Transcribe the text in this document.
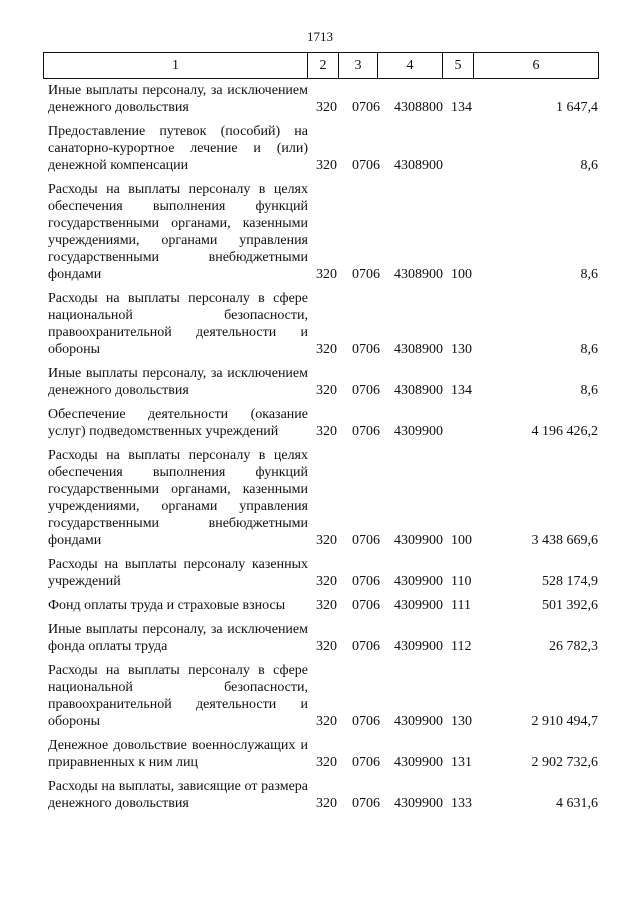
1713
1	2	3	4	5	6
Иные выплаты персоналу, за исключением денежного довольствия	320 0706 4308800 134	1 647,4
Предоставление путевок (пособий) на санаторно-курортное лечение и (или) денежной компенсации	320 0706 4308900	8,6
Расходы на выплаты персоналу в целях обеспечения выполнения функций государственными органами, казенными учреждениями, органами управления государственными внебюджетными фондами	320 0706 4308900 100	8,6
Расходы на выплаты персоналу в сфере национальной безопасности, правоохранительной деятельности и обороны	320 0706 4308900 130	8,6
Иные выплаты персоналу, за исключением денежного довольствия	320 0706 4308900 134	8,6
Обеспечение деятельности (оказание услуг) подведомственных учреждений	320 0706 4309900	4 196 426,2
Расходы на выплаты персоналу в целях обеспечения выполнения функций государственными органами, казенными учреждениями, органами управления государственными внебюджетными фондами	320 0706 4309900 100	3 438 669,6
Расходы на выплаты персоналу казенных учреждений	320 0706 4309900 110	528 174,9
Фонд оплаты труда и страховые взносы	320 0706 4309900 111	501 392,6
Иные выплаты персоналу, за исключением фонда оплаты труда	320 0706 4309900 112	26 782,3
Расходы на выплаты персоналу в сфере национальной безопасности, правоохранительной деятельности и обороны	320 0706 4309900 130	2 910 494,7
Денежное довольствие военнослужащих и приравненных к ним лиц	320 0706 4309900 131	2 902 732,6
Расходы на выплаты, зависящие от размера денежного довольствия	320 0706 4309900 133	4 631,6
